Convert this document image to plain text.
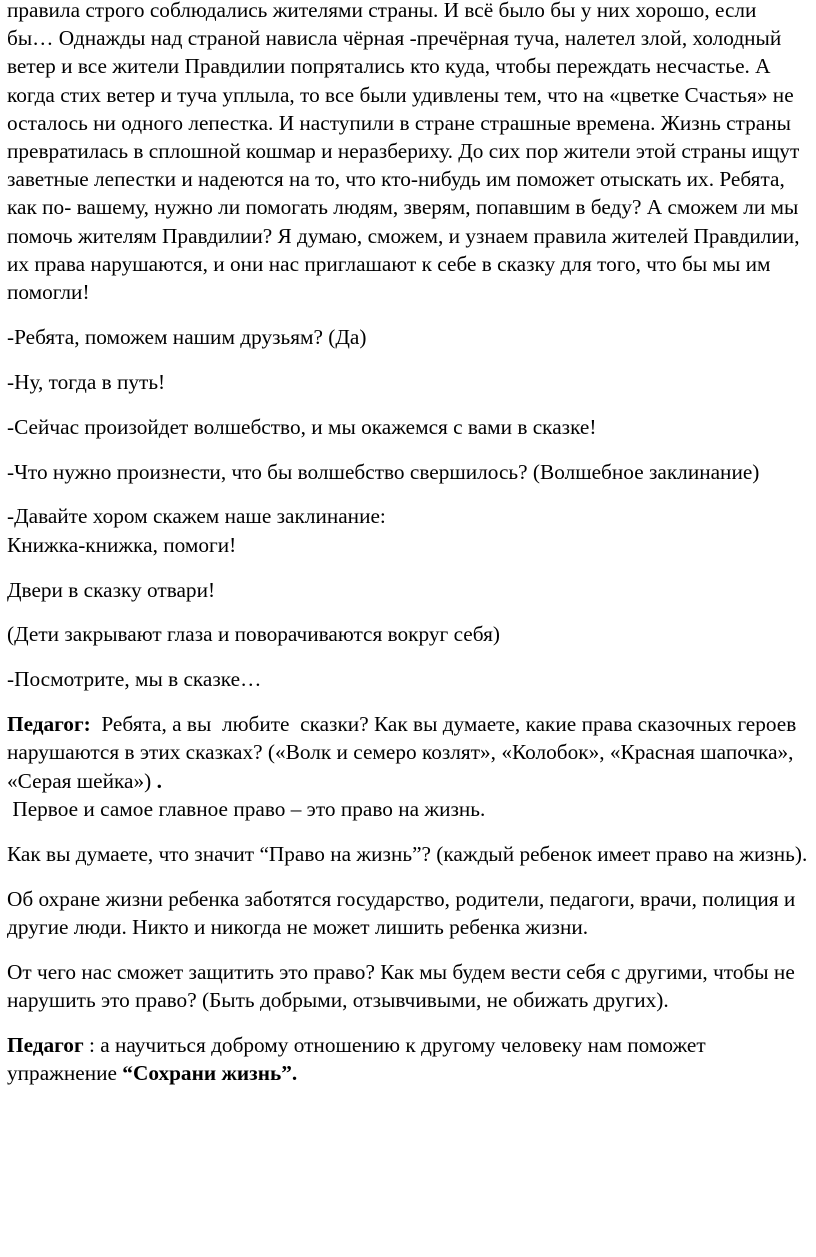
правила строго соблюдались жителями страны. И всё было бы у них хорошо, если бы… Однажды над страной нависла чёрная -пречёрная туча, налетел злой, холодный ветер и все жители Правдилии попрятались кто куда, чтобы переждать несчастье. А когда стих ветер и туча уплыла, то все были удивлены тем, что на «цветке Счастья» не осталось ни одного лепестка. И наступили в стране страшные времена. Жизнь страны превратилась в сплошной кошмар и неразбериху. До сих пор жители этой страны ищут заветные лепестки и надеются на то, что кто-нибудь им поможет отыскать их. Ребята, как по- вашему, нужно ли помогать людям, зверям, попавшим в беду? А сможем ли мы помочь жителям Правдилии? Я думаю, сможем, и узнаем правила жителей Правдилии, их права нарушаются, и они нас приглашают к себе в сказку для того, что бы мы им помогли!

-Ребята, поможем нашим друзьям? (Да)

-Ну, тогда в путь!

-Сейчас произойдет волшебство, и мы окажемся с вами в сказке!

-Что нужно произнести, что бы волшебство свершилось? (Волшебное заклинание)

-Давайте хором скажем наше заклинание:
Книжка-книжка, помоги!

Двери в сказку отвари!

(Дети закрывают глаза и поворачиваются вокруг себя)

-Посмотрите, мы в сказке…

Педагог:  Ребята, а вы  любите  сказки? Как вы думаете, какие права сказочных героев нарушаются в этих сказках? («Волк и семеро козлят», «Колобок», «Красная шапочка», «Серая шейка») .

Первое и самое главное право – это право на жизнь.

Как вы думаете, что значит “Право на жизнь”? (каждый ребенок имеет право на жизнь).

Об охране жизни ребенка заботятся государство, родители, педагоги, врачи, полиция и другие люди. Никто и никогда не может лишить ребенка жизни.

От чего нас сможет защитить это право? Как мы будем вести себя с другими, чтобы не нарушить это право? (Быть добрыми, отзывчивыми, не обижать других).

Педагог : а научиться доброму отношению к другому человеку нам поможет упражнение “Сохрани жизнь”.
